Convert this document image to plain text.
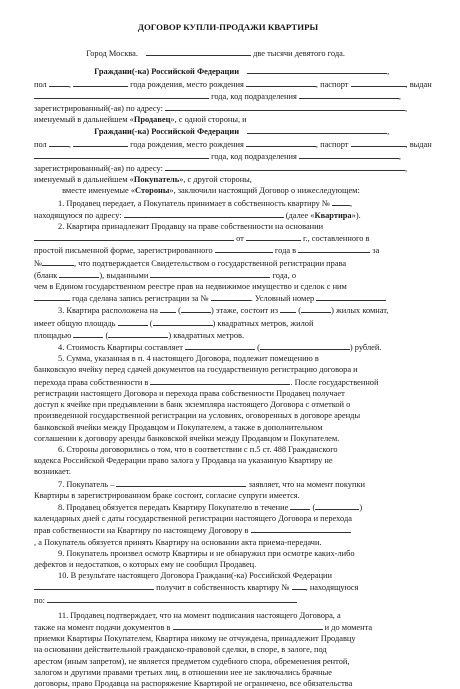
ДОГОВОР КУПЛИ-ПРОДАЖИ КВАРТИРЫ
Город Москва.	две тысячи девятого года.
Граждани(-ка) Российской Федерации	,
пол	,	года рождения, место рождения	, паспорт	, выдан
года, код подразделения	,
зарегистрированный(-ая) по адресу:	,
именуемый в дальнейшем «Продавец», с одной стороны, и
Граждани(-ка) Российской Федерации	,
пол	,	года рождения, место рождения	, паспорт	, выдан
года, код подразделения	,
зарегистрированный(-ая) по адресу:	,
именуемый в дальнейшем «Покупатель», с другой стороны,
вместе именуемые «Стороны», заключили настоящий Договор о нижеследующем:
1. Продавец передает, а Покупатель принимает в собственность квартиру № ,
находящуюся по адресу:	(далее «Квартира»).
2. Квартира принадлежит Продавцу на праве собственности на основании
от	г., составленного в
простой письменной форме, зарегистрированного	года в	за
№	, что подтверждается Свидетельством о государственной регистрации права
(бланк	), выданными	года, о
чем в Едином государственном реестре прав на недвижимое имущество и сделок с ним
года сделана запись регистрации за №	. Условный номер
3. Квартира расположена на  (	) этаже, состоит из  (	) жилых комнат,
имеет общую площадь	(	) квадратных метров, жилой
площадью	(	) квадратных метров.
4. Стоимость Квартиры составляет	(	) рублей.
5. Сумма, указанная в п. 4 настоящего Договора, подлежит помещению в
банковскую ячейку перед сдачей документов на государственную регистрацию договора и
перехода права собственности в	. После государственной
регистрации настоящего Договора и перехода права собственности Продавец получает
доступ к ячейке при предъявлении в банк экземпляра настоящего Договора с отметкой о
произведенной государственной регистрации на условиях, оговоренных в договоре аренды
банковской ячейки между Продавцом и Покупателем, а также в дополнительном
соглашении к договору аренды банковской ячейки между Продавцом и Покупателем.
6. Стороны договорились о том, что в соответствии с п.5 ст. 488 Гражданского
кодекса Российской Федерации право залога у Продавца на указанную Квартиру не
возникает.
7. Покупатель –	заявляет, что на момент покупки
Квартиры в зарегистрированном браке состоит, согласие супруги имеется.
8. Продавец обязуется передать Квартиру Покупателю в течение	(	)
календарных дней с даты государственной регистрации настоящего Договора и перехода
прав собственности на Квартиру по настоящему Договору в
, а Покупатель обязуется принять Квартиру на основании акта приема-передачи.
9. Покупатель произвел осмотр Квартиры и не обнаружил при осмотре каких-либо
дефектов и недостатков, о которых ему не сообщил Продавец.
10. В результате настоящего Договора Граждани(-ка) Российской Федерации
получит в собственность квартиру № , находящуюся
по:
11. Продавец подтверждает, что на момент подписания настоящего Договора, а
также на момент подачи документов в	и до момента
приемки Квартиры Покупателем, Квартира никому не отчуждена, принадлежит Продавцу
на основании действительной гражданско-правовой сделки, в споре, в залоге, под
арестом (иным запретом), не является предметом судебного спора, обременения рентой,
залогом и другими правами третьих лиц, в отношении нее не заключались брачные
договоры, право Продавца на распоряжение Квартирой не ограничено, все обязательства
